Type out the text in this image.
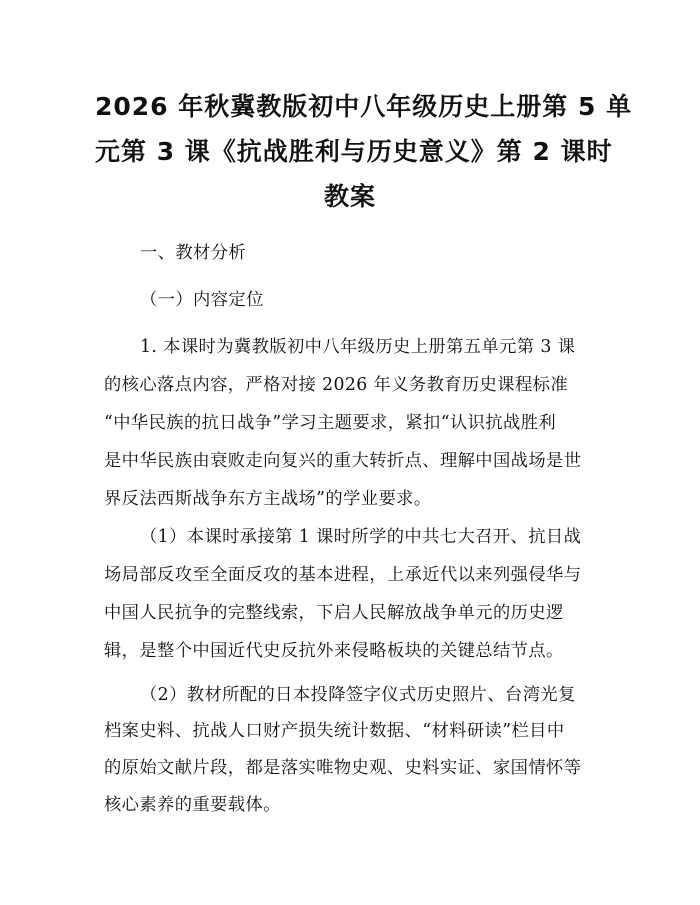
2026 年秋冀教版初中八年级历史上册第 5 单
元第 3 课《抗战胜利与历史意义》第 2 课时
教案
一、教材分析
（一）内容定位
1. 本课时为冀教版初中八年级历史上册第五单元第 3 课
的核心落点内容，严格对接 2026 年义务教育历史课程标准
“中华民族的抗日战争”学习主题要求，紧扣“认识抗战胜利
是中华民族由衰败走向复兴的重大转折点、理解中国战场是世
界反法西斯战争东方主战场”的学业要求。
（1）本课时承接第 1 课时所学的中共七大召开、抗日战
场局部反攻至全面反攻的基本进程，上承近代以来列强侵华与
中国人民抗争的完整线索，下启人民解放战争单元的历史逻
辑，是整个中国近代史反抗外来侵略板块的关键总结节点。
（2）教材所配的日本投降签字仪式历史照片、台湾光复
档案史料、抗战人口财产损失统计数据、“材料研读”栏目中
的原始文献片段，都是落实唯物史观、史料实证、家国情怀等
核心素养的重要载体。
